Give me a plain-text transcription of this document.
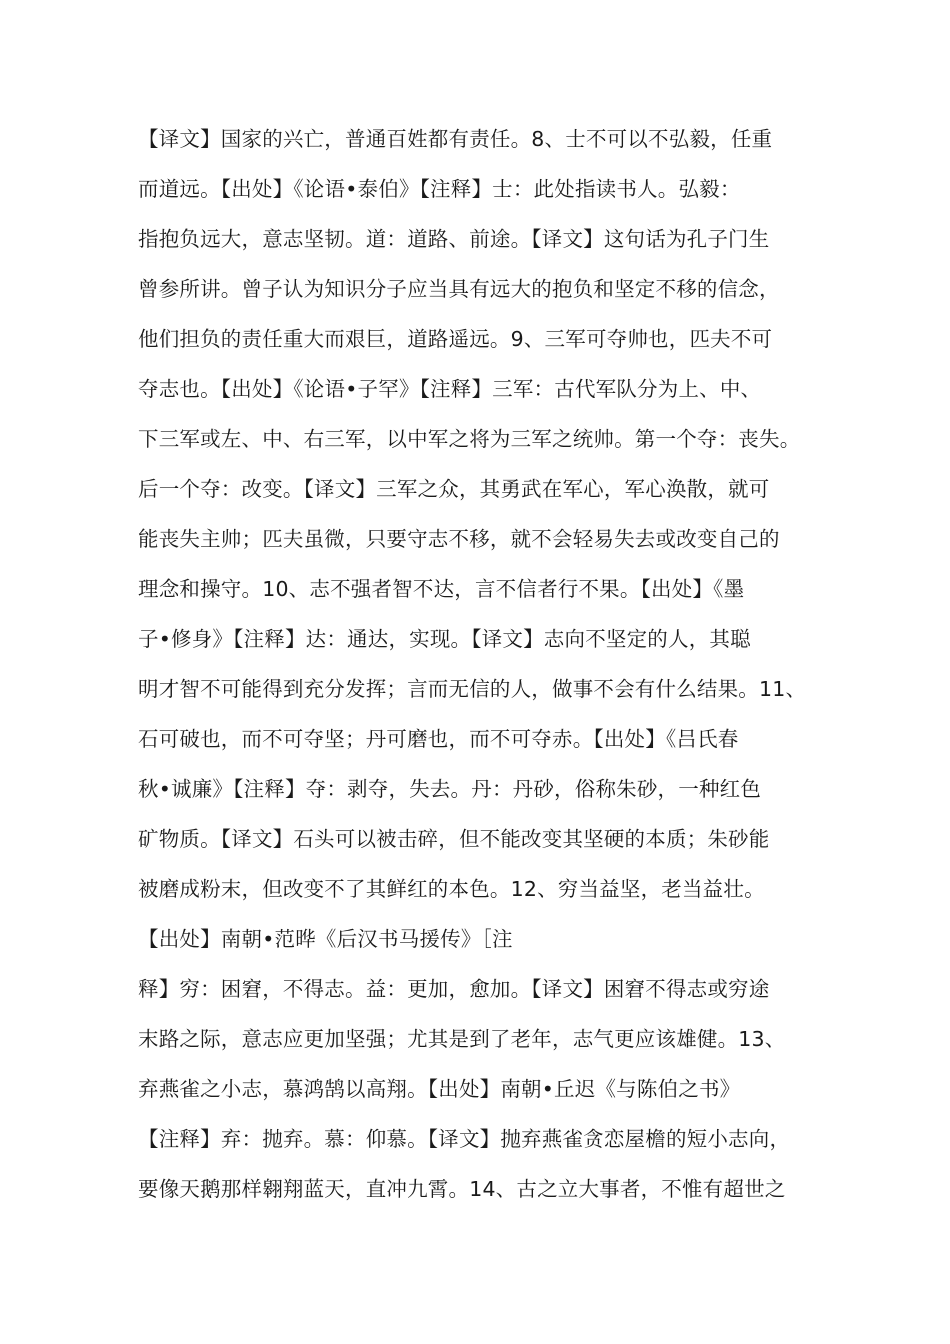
【译文】国家的兴亡，普通百姓都有责任。8、士不可以不弘毅，任重
而道远。【出处】《论语•泰伯》【注释】士：此处指读书人。弘毅：
指抱负远大，意志坚韧。道：道路、前途。【译文】这句话为孔子门生
曾参所讲。曾子认为知识分子应当具有远大的抱负和坚定不移的信念，
他们担负的责任重大而艰巨，道路遥远。9、三军可夺帅也，匹夫不可
夺志也。【出处】《论语•子罕》【注释】三军：古代军队分为上、中、
下三军或左、中、右三军，以中军之将为三军之统帅。第一个夺：丧失。
后一个夺：改变。【译文】三军之众，其勇武在军心，军心涣散，就可
能丧失主帅；匹夫虽微，只要守志不移，就不会轻易失去或改变自己的
理念和操守。10、志不强者智不达，言不信者行不果。【出处】《墨
子•修身》【注释】达：通达，实现。【译文】志向不坚定的人，其聪
明才智不可能得到充分发挥；言而无信的人，做事不会有什么结果。11、
石可破也，而不可夺坚；丹可磨也，而不可夺赤。【出处】《吕氏春
秋•诚廉》【注释】夺：剥夺，失去。丹：丹砂，俗称朱砂，一种红色
矿物质。【译文】石头可以被击碎，但不能改变其坚硬的本质；朱砂能
被磨成粉末，但改变不了其鲜红的本色。12、穷当益坚，老当益壮。
【出处】南朝•范晔《后汉书马援传》［注
释】穷：困窘，不得志。益：更加，愈加。【译文】困窘不得志或穷途
末路之际，意志应更加坚强；尤其是到了老年，志气更应该雄健。13、
弃燕雀之小志，慕鸿鹄以高翔。【出处】南朝•丘迟《与陈伯之书》
【注释】弃：抛弃。慕：仰慕。【译文】抛弃燕雀贪恋屋檐的短小志向，
要像天鹅那样翱翔蓝天，直冲九霄。14、古之立大事者，不惟有超世之
